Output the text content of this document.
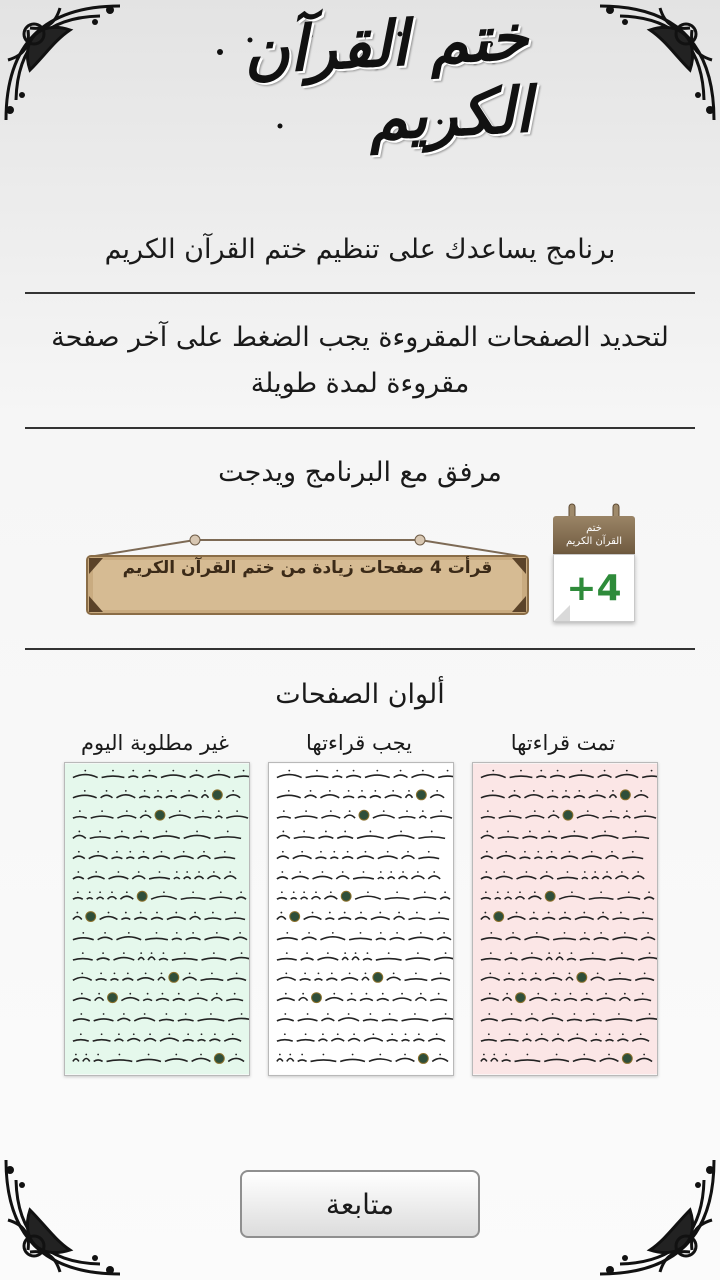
ختم القرآن الكريم
برنامج يساعدك على تنظيم ختم القرآن الكريم
لتحديد الصفحات المقروءة يجب الضغط على آخر صفحة
مقروءة لمدة طويلة
مرفق مع البرنامج ويدجت
قرأت 4 صفحات زيادة من ختم القرآن الكريم
ختم
القرآن الكريم
+4
ألوان الصفحات
تمت قراءتها
يجب قراءتها
غير مطلوبة اليوم
متابعة
